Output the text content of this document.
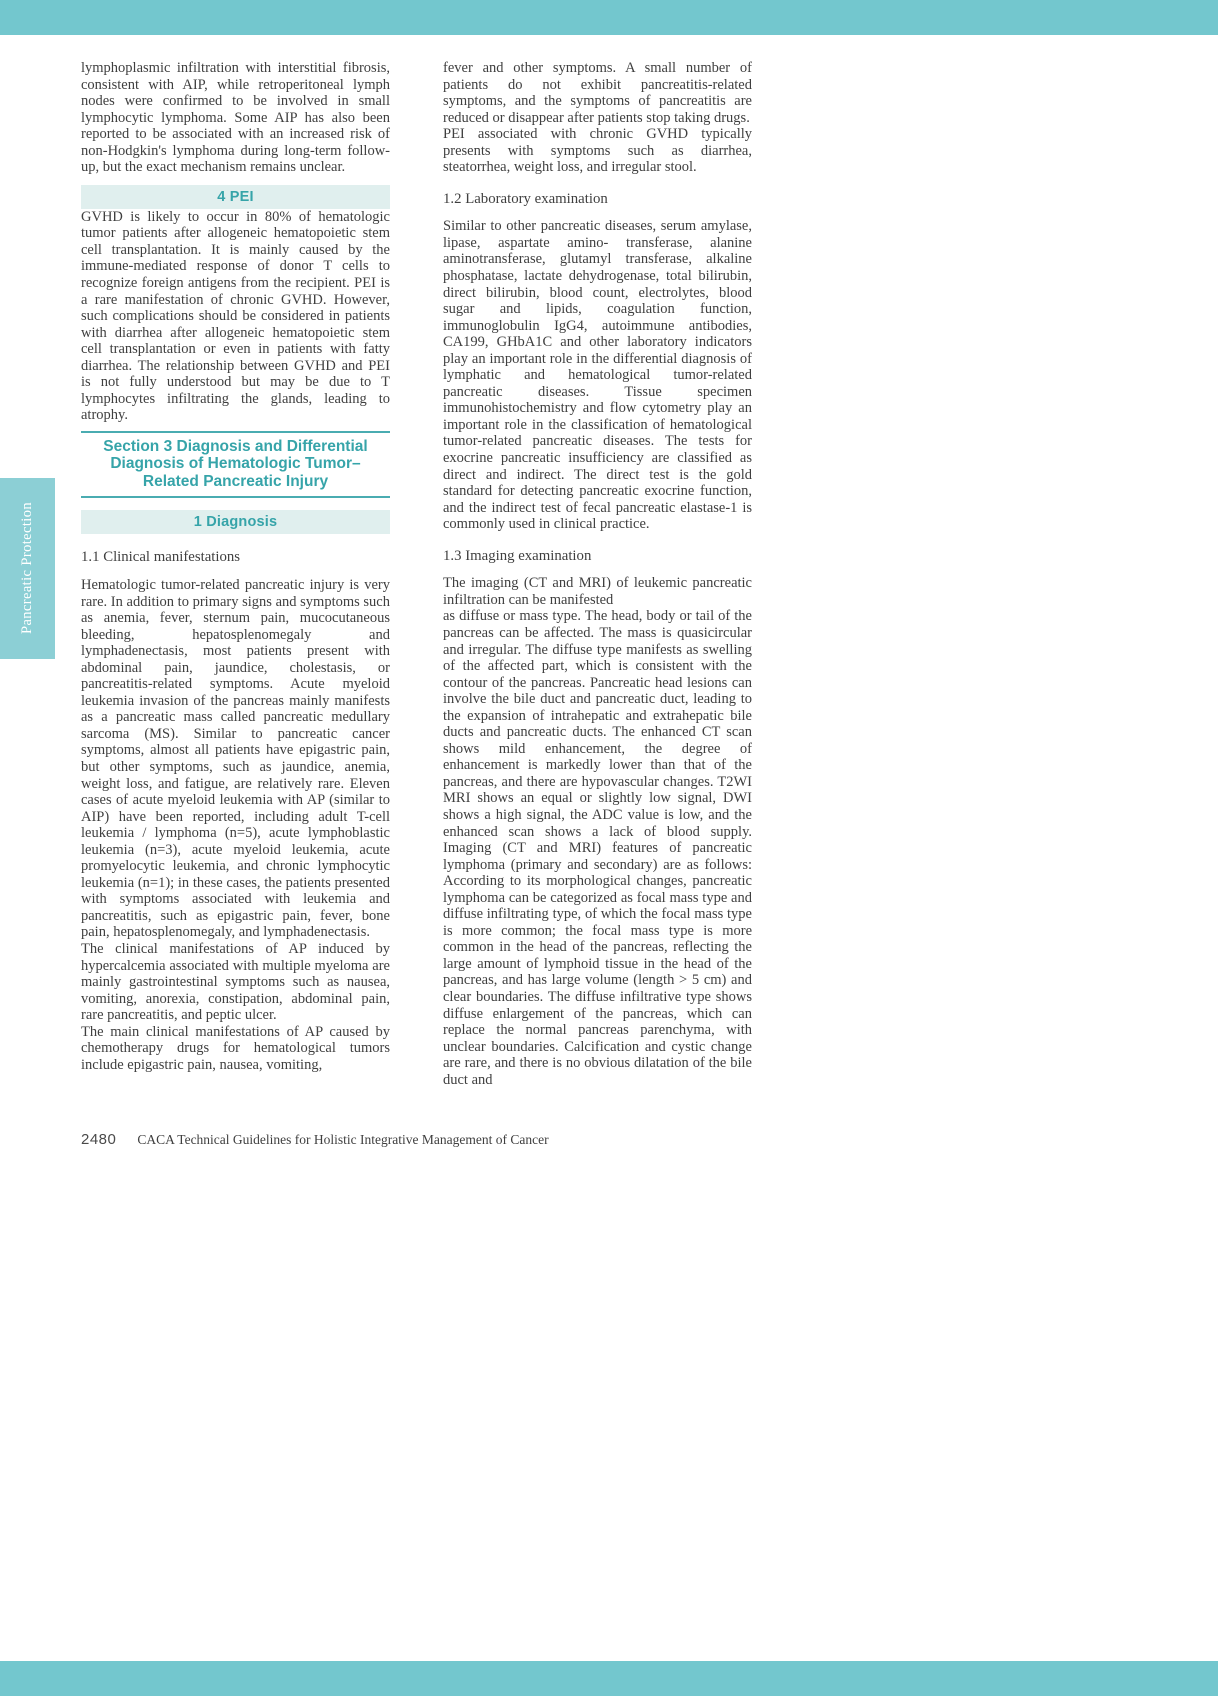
Pancreatic Protection

lymphoplasmic infiltration with interstitial fibrosis, consistent with AIP, while retroperitoneal lymph nodes were confirmed to be involved in small lymphocytic lymphoma. Some AIP has also been reported to be associated with an increased risk of non-Hodgkin's lymphoma during long-term follow-up, but the exact mechanism remains unclear.

4 PEI

GVHD is likely to occur in 80% of hematologic tumor patients after allogeneic hematopoietic stem cell transplantation. It is mainly caused by the immune-mediated response of donor T cells to recognize foreign antigens from the recipient. PEI is a rare manifestation of chronic GVHD. However, such complications should be considered in patients with diarrhea after allogeneic hematopoietic stem cell transplantation or even in patients with fatty diarrhea. The relationship between GVHD and PEI is not fully understood but may be due to T lymphocytes infiltrating the glands, leading to atrophy.

Section 3 Diagnosis and Differential
Diagnosis of Hematologic Tumor–
Related Pancreatic Injury
1 Diagnosis
1.1 Clinical manifestations

Hematologic tumor-related pancreatic injury is very rare. In addition to primary signs and symptoms such as anemia, fever, sternum pain, mucocutaneous bleeding, hepatosplenomegaly and lymphadenectasis, most patients present with abdominal pain, jaundice, cholestasis, or pancreatitis-related symptoms. Acute myeloid leukemia invasion of the pancreas mainly manifests as a pancreatic mass called pancreatic medullary sarcoma (MS). Similar to pancreatic cancer symptoms, almost all patients have epigastric pain, but other symptoms, such as jaundice, anemia, weight loss, and fatigue, are relatively rare. Eleven cases of acute myeloid leukemia with AP (similar to AIP) have been reported, including adult T-cell leukemia / lymphoma (n=5), acute lymphoblastic leukemia (n=3), acute myeloid leukemia, acute promyelocytic leukemia, and chronic lymphocytic leukemia (n=1); in these cases, the patients presented with symptoms associated with leukemia and pancreatitis, such as epigastric pain, fever, bone pain, hepatosplenomegaly, and lymphadenectasis.

The clinical manifestations of AP induced by hypercalcemia associated with multiple myeloma are mainly gastrointestinal symptoms such as nausea, vomiting, anorexia, constipation, abdominal pain, rare pancreatitis, and peptic ulcer.

The main clinical manifestations of AP caused by chemotherapy drugs for hematological tumors include epigastric pain, nausea, vomiting,

fever and other symptoms. A small number of patients do not exhibit pancreatitis-related symptoms, and the symptoms of pancreatitis are reduced or disappear after patients stop taking drugs.

PEI associated with chronic GVHD typically presents with symptoms such as diarrhea, steatorrhea, weight loss, and irregular stool.

1.2 Laboratory examination

Similar to other pancreatic diseases, serum amylase, lipase, aspartate amino- transferase, alanine aminotransferase, glutamyl transferase, alkaline phosphatase, lactate dehydrogenase, total bilirubin, direct bilirubin, blood count, electrolytes, blood sugar and lipids, coagulation function, immunoglobulin IgG4, autoimmune antibodies, CA199, GHbA1C and other laboratory indicators play an important role in the differential diagnosis of lymphatic and hematological tumor-related pancreatic diseases. Tissue specimen immunohistochemistry and flow cytometry play an important role in the classification of hematological tumor-related pancreatic diseases. The tests for exocrine pancreatic insufficiency are classified as direct and indirect. The direct test is the gold standard for detecting pancreatic exocrine function, and the indirect test of fecal pancreatic elastase-1 is commonly used in clinical practice.

1.3 Imaging examination

The imaging (CT and MRI) of leukemic pancreatic infiltration can be manifested

as diffuse or mass type. The head, body or tail of the pancreas can be affected. The mass is quasicircular and irregular. The diffuse type manifests as swelling of the affected part, which is consistent with the contour of the pancreas. Pancreatic head lesions can involve the bile duct and pancreatic duct, leading to the expansion of intrahepatic and extrahepatic bile ducts and pancreatic ducts. The enhanced CT scan shows mild enhancement, the degree of enhancement is markedly lower than that of the pancreas, and there are hypovascular changes. T2WI MRI shows an equal or slightly low signal, DWI shows a high signal, the ADC value is low, and the enhanced scan shows a lack of blood supply. Imaging (CT and MRI) features of pancreatic lymphoma (primary and secondary) are as follows: According to its morphological changes, pancreatic lymphoma can be categorized as focal mass type and diffuse infiltrating type, of which the focal mass type is more common; the focal mass type is more common in the head of the pancreas, reflecting the large amount of lymphoid tissue in the head of the pancreas, and has large volume (length > 5 cm) and clear boundaries. The diffuse infiltrative type shows diffuse enlargement of the pancreas, which can replace the normal pancreas parenchyma, with unclear boundaries. Calcification and cystic change are rare, and there is no obvious dilatation of the bile duct and

2480 CACA Technical Guidelines for Holistic Integrative Management of Cancer
